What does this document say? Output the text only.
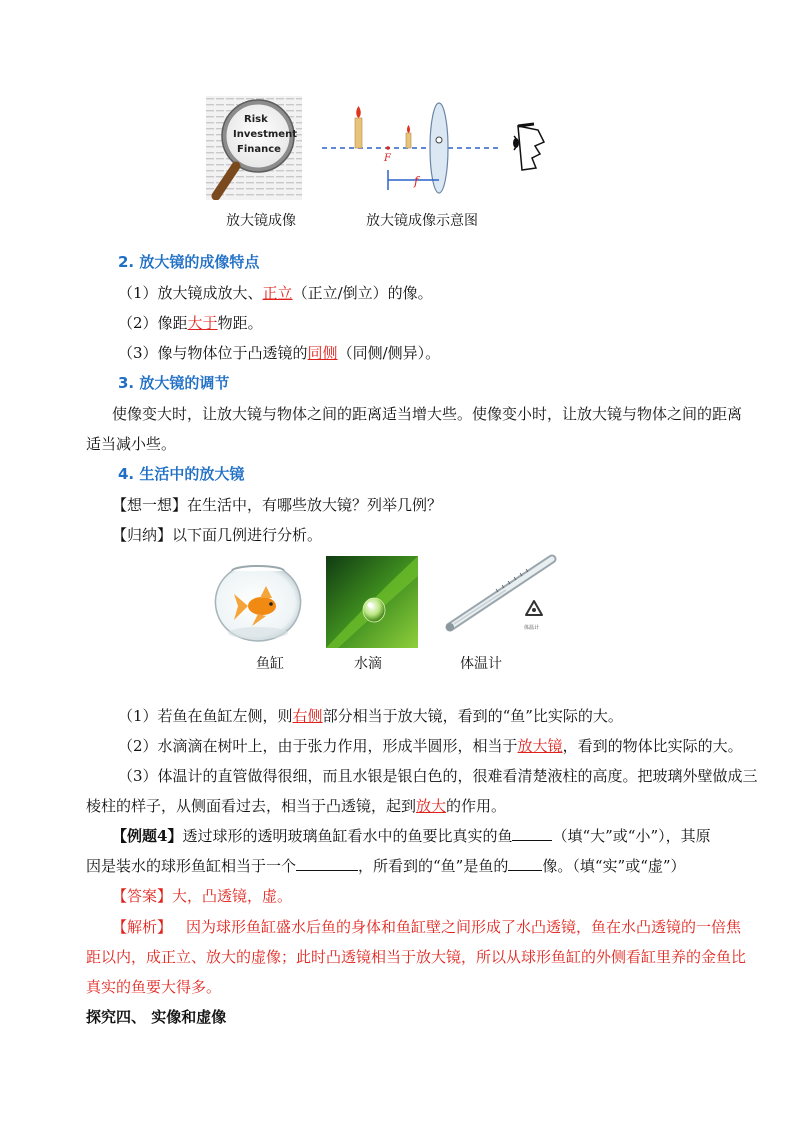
Risk
Investment
Finance
F
f
放大镜成像	放大镜成像示意图
2. 放大镜的成像特点
（1）放大镜成放大、正立（正立/倒立）的像。
（2）像距大于物距。
（3）像与物体位于凸透镜的同侧（同侧/侧异）。
3. 放大镜的调节
使像变大时，让放大镜与物体之间的距离适当增大些。使像变小时，让放大镜与物体之间的距离
适当减小些。
4. 生活中的放大镜
【想一想】在生活中，有哪些放大镜？列举几例？
【归纳】以下面几例进行分析。
体温计
鱼缸	水滴	体温计
（1）若鱼在鱼缸左侧，则右侧部分相当于放大镜，看到的“鱼”比实际的大。
（2）水滴滴在树叶上，由于张力作用，形成半圆形，相当于放大镜，看到的物体比实际的大。
（3）体温计的直管做得很细，而且水银是银白色的，很难看清楚液柱的高度。把玻璃外壁做成三
棱柱的样子，从侧面看过去，相当于凸透镜，起到放大的作用。
【例题4】透过球形的透明玻璃鱼缸看水中的鱼要比真实的鱼	（填“大”或“小”），其原
因是装水的球形鱼缸相当于一个	，所看到的“鱼”是鱼的 像。（填“实”或“虚”）
【答案】大，凸透镜，虚。
【解析】 因为球形鱼缸盛水后鱼的身体和鱼缸壁之间形成了水凸透镜，鱼在水凸透镜的一倍焦
距以内，成正立、放大的虚像；此时凸透镜相当于放大镜，所以从球形鱼缸的外侧看缸里养的金鱼比
真实的鱼要大得多。
探究四、 实像和虚像
